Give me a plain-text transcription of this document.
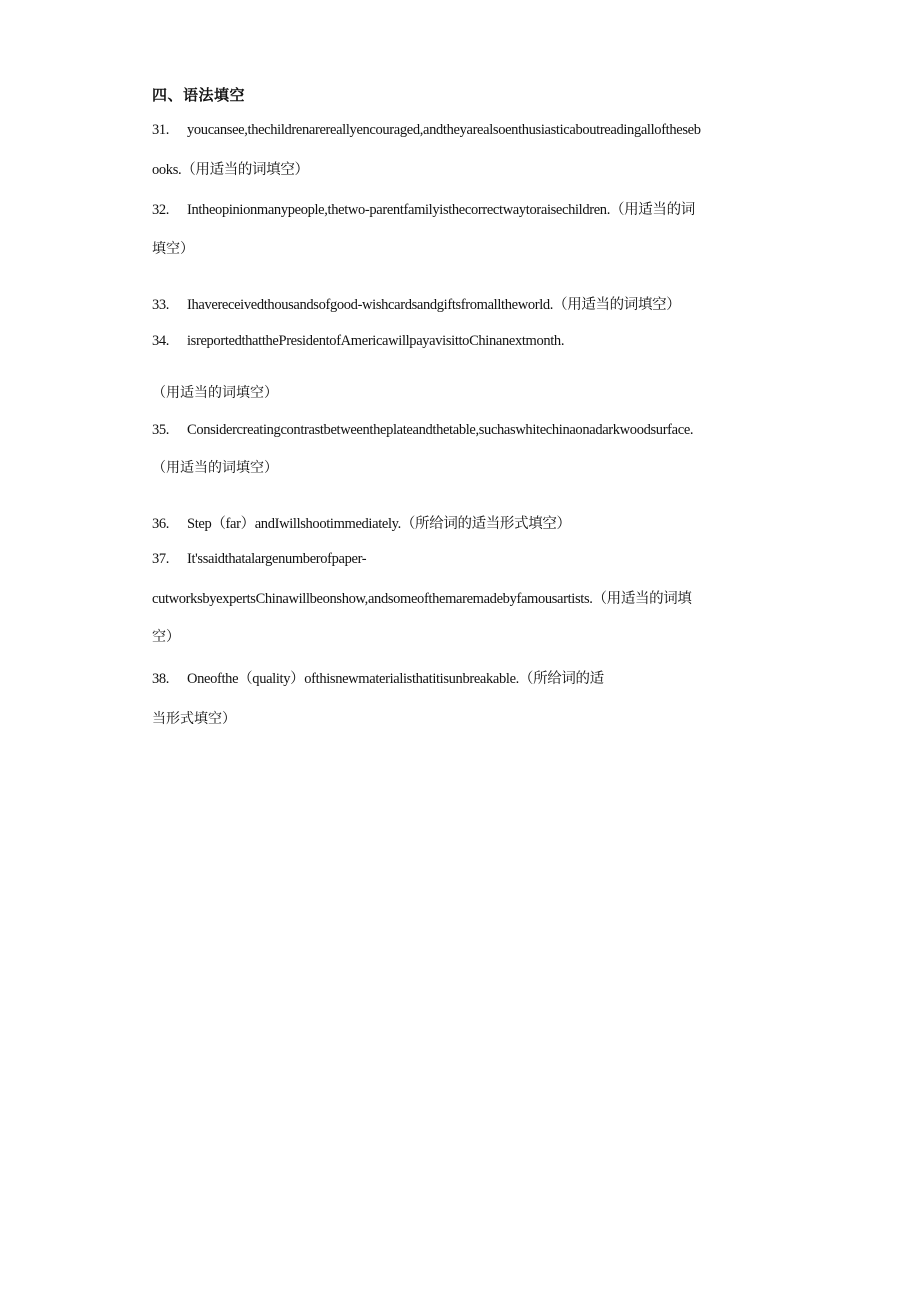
四、语法填空
31. youcansee,thechildrenarereallyencouraged,andtheyarealsoenthusiasticaboutreadingalloftheseb
ooks.（用适当的词填空）
32. Intheopinionmanypeople,thetwo-parentfamilyisthecorrectwaytoraisechildren.（用适当的词
填空）
33. Ihavereceivedthousandsofgood-wishcardsandgiftsfromalltheworld.（用适当的词填空）
34. isreportedthatthePresidentofAmericawillpayavisittoChinanextmonth.
（用适当的词填空）
35. Considercreatingcontrastbetweentheplateandthetable,suchaswhitechinaonadarkwoodsurface.
（用适当的词填空）
36. Step（far）andIwillshootimmediately.（所给词的适当形式填空）
37. It'ssaidthatalargenumberofpaper-
cutworksbyexpertsChinawillbeonshow,andsomeofthemaremadebyfamousartists.（用适当的词填
空）
38. Oneofthe（quality）ofthisnewmaterialisthatitisunbreakable.（所给词的适
当形式填空）
